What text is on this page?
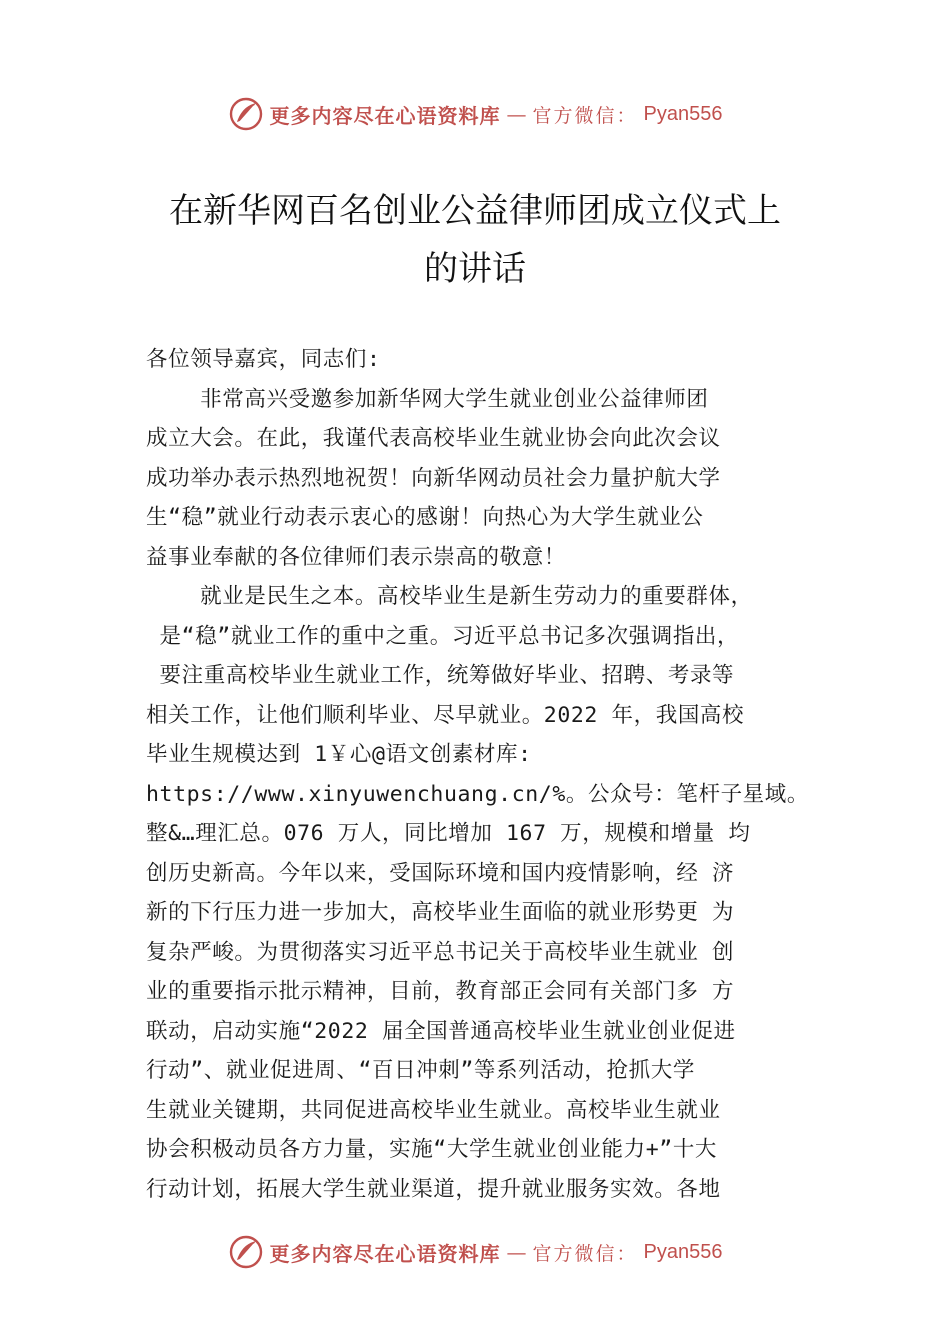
更多内容尽在心语资料库 — 官方微信： Pyan556
在新华网百名创业公益律师团成立仪式上
的讲话
各位领导嘉宾，同志们:
非常高兴受邀参加新华网大学生就业创业公益律师团
成立大会。在此，我谨代表高校毕业生就业协会向此次会议
成功举办表示热烈地祝贺！向新华网动员社会力量护航大学
生“稳”就业行动表示衷心的感谢！向热心为大学生就业公
益事业奉献的各位律师们表示崇高的敬意！
就业是民生之本。高校毕业生是新生劳动力的重要群体，
是“稳”就业工作的重中之重。习近平总书记多次强调指出，
要注重高校毕业生就业工作，统筹做好毕业、招聘、考录等
相关工作，让他们顺利毕业、尽早就业。2022 年，我国高校
毕业生规模达到 1￥心@语文创素材库:
https://www.xinyuwenchuang.cn/%。公众号：笔杆子星域。
整&…理汇总。076 万人，同比增加 167 万，规模和增量 均
创历史新高。今年以来，受国际环境和国内疫情影响，经 济
新的下行压力进一步加大，高校毕业生面临的就业形势更 为
复杂严峻。为贯彻落实习近平总书记关于高校毕业生就业 创
业的重要指示批示精神，目前，教育部正会同有关部门多 方
联动，启动实施“2022 届全国普通高校毕业生就业创业促进
行动”、就业促进周、“百日冲刺”等系列活动，抢抓大学
生就业关键期，共同促进高校毕业生就业。高校毕业生就业
协会积极动员各方力量，实施“大学生就业创业能力+”十大
行动计划，拓展大学生就业渠道，提升就业服务实效。各地
更多内容尽在心语资料库 — 官方微信： Pyan556
